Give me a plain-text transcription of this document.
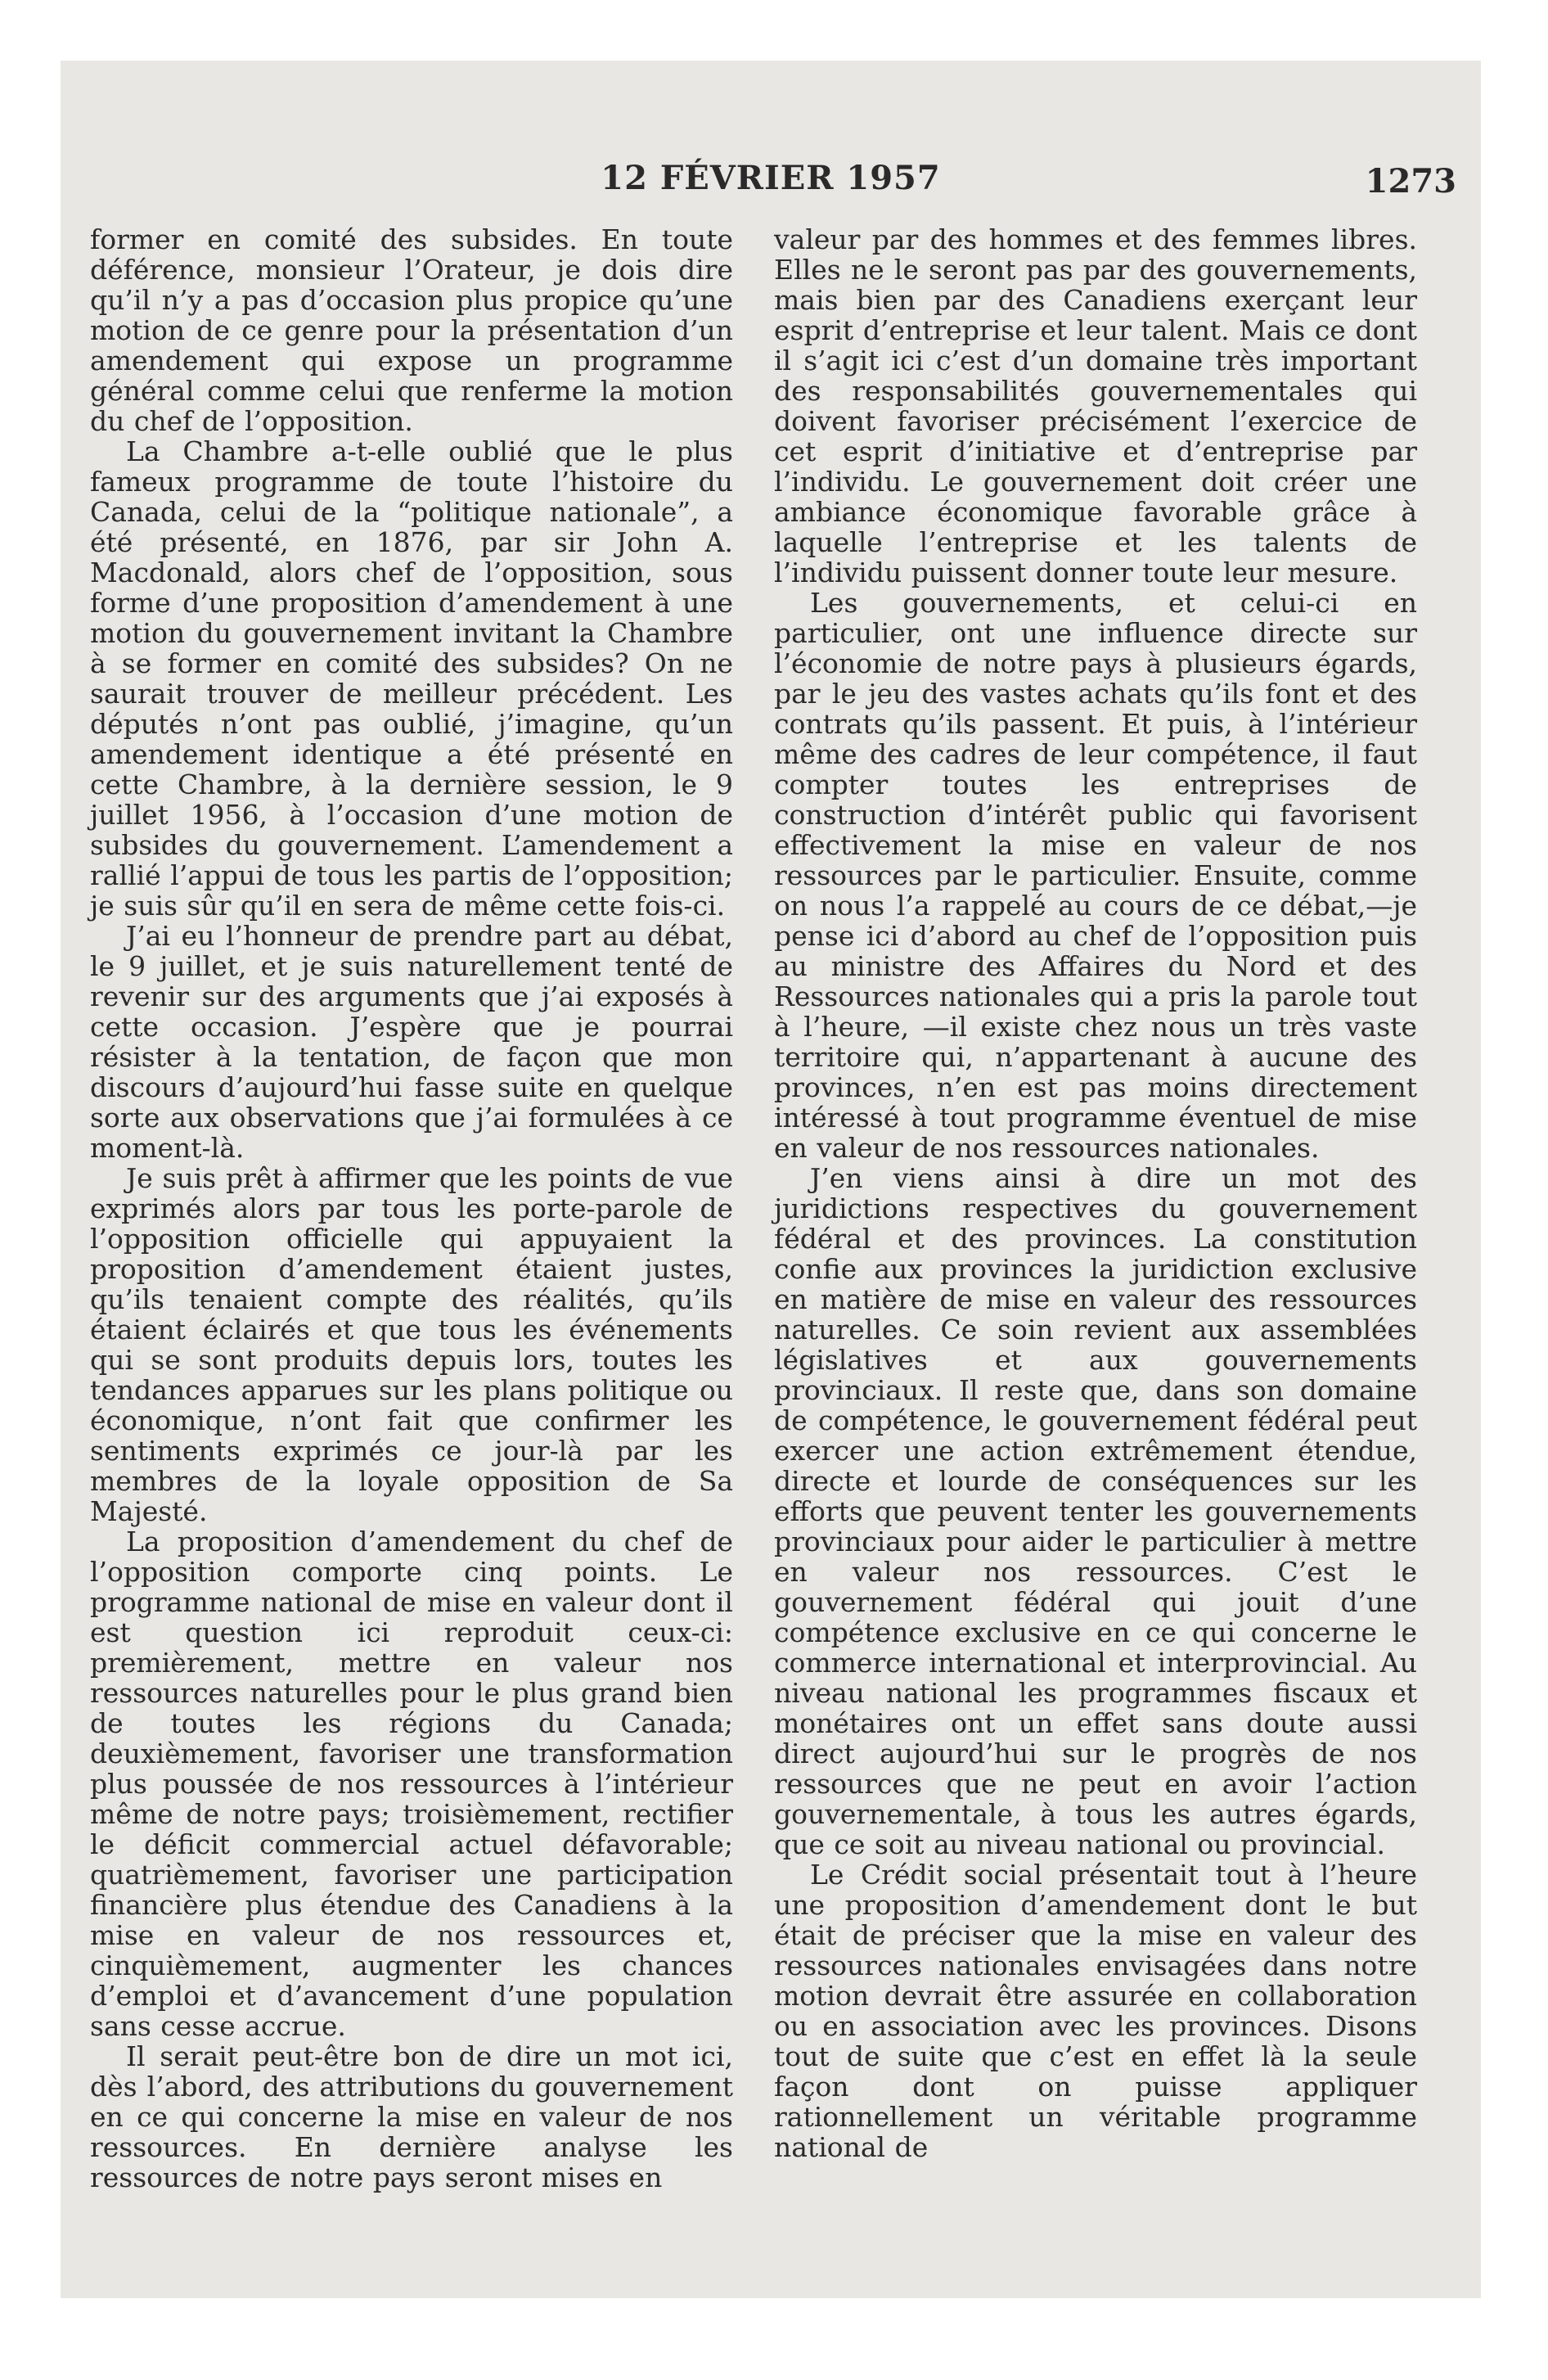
12 FÉVRIER 1957	1273

former en comité des subsides. En toute déférence, monsieur l’Orateur, je dois dire qu’il n’y a pas d’occasion plus propice qu’une motion de ce genre pour la présentation d’un amendement qui expose un programme général comme celui que renferme la motion du chef de l’opposition.

La Chambre a-t-elle oublié que le plus fameux programme de toute l’histoire du Canada, celui de la “politique nationale”, a été présenté, en 1876, par sir John A. Macdonald, alors chef de l’opposition, sous forme d’une proposition d’amendement à une motion du gouvernement invitant la Chambre à se former en comité des subsides? On ne saurait trouver de meilleur précédent. Les députés n’ont pas oublié, j’imagine, qu’un amendement identique a été présenté en cette Chambre, à la dernière session, le 9 juillet 1956, à l’occasion d’une motion de subsides du gouvernement. L’amendement a rallié l’appui de tous les partis de l’opposition; je suis sûr qu’il en sera de même cette fois-ci.

J’ai eu l’honneur de prendre part au débat, le 9 juillet, et je suis naturellement tenté de revenir sur des arguments que j’ai exposés à cette occasion. J’espère que je pourrai résister à la tentation, de façon que mon discours d’aujourd’hui fasse suite en quelque sorte aux observations que j’ai formulées à ce moment-là.

Je suis prêt à affirmer que les points de vue exprimés alors par tous les porte-parole de l’opposition officielle qui appuyaient la proposition d’amendement étaient justes, qu’ils tenaient compte des réalités, qu’ils étaient éclairés et que tous les événements qui se sont produits depuis lors, toutes les tendances apparues sur les plans politique ou économique, n’ont fait que confirmer les sentiments exprimés ce jour-là par les membres de la loyale opposition de Sa Majesté.

La proposition d’amendement du chef de l’opposition comporte cinq points. Le programme national de mise en valeur dont il est question ici reproduit ceux-ci: premièrement, mettre en valeur nos ressources naturelles pour le plus grand bien de toutes les régions du Canada; deuxièmement, favoriser une transformation plus poussée de nos ressources à l’intérieur même de notre pays; troisièmement, rectifier le déficit commercial actuel défavorable; quatrièmement, favoriser une participation financière plus étendue des Canadiens à la mise en valeur de nos ressources et, cinquièmement, augmenter les chances d’emploi et d’avancement d’une population sans cesse accrue.

Il serait peut-être bon de dire un mot ici, dès l’abord, des attributions du gouvernement en ce qui concerne la mise en valeur de nos ressources. En dernière analyse les ressources de notre pays seront mises en

valeur par des hommes et des femmes libres. Elles ne le seront pas par des gouvernements, mais bien par des Canadiens exerçant leur esprit d’entreprise et leur talent. Mais ce dont il s’agit ici c’est d’un domaine très important des responsabilités gouvernementales qui doivent favoriser précisément l’exercice de cet esprit d’initiative et d’entreprise par l’individu. Le gouvernement doit créer une ambiance économique favorable grâce à laquelle l’entreprise et les talents de l’individu puissent donner toute leur mesure.

Les gouvernements, et celui-ci en particulier, ont une influence directe sur l’économie de notre pays à plusieurs égards, par le jeu des vastes achats qu’ils font et des contrats qu’ils passent. Et puis, à l’intérieur même des cadres de leur compétence, il faut compter toutes les entreprises de construction d’intérêt public qui favorisent effectivement la mise en valeur de nos ressources par le particulier. Ensuite, comme on nous l’a rappelé au cours de ce débat,—je pense ici d’abord au chef de l’opposition puis au ministre des Affaires du Nord et des Ressources nationales qui a pris la parole tout à l’heure, —il existe chez nous un très vaste territoire qui, n’appartenant à aucune des provinces, n’en est pas moins directement intéressé à tout programme éventuel de mise en valeur de nos ressources nationales.

J’en viens ainsi à dire un mot des juridictions respectives du gouvernement fédéral et des provinces. La constitution confie aux provinces la juridiction exclusive en matière de mise en valeur des ressources naturelles. Ce soin revient aux assemblées législatives et aux gouvernements provinciaux. Il reste que, dans son domaine de compétence, le gouvernement fédéral peut exercer une action extrêmement étendue, directe et lourde de conséquences sur les efforts que peuvent tenter les gouvernements provinciaux pour aider le particulier à mettre en valeur nos ressources. C’est le gouvernement fédéral qui jouit d’une compétence exclusive en ce qui concerne le commerce international et interprovincial. Au niveau national les programmes fiscaux et monétaires ont un effet sans doute aussi direct aujourd’hui sur le progrès de nos ressources que ne peut en avoir l’action gouvernementale, à tous les autres égards, que ce soit au niveau national ou provincial.

Le Crédit social présentait tout à l’heure une proposition d’amendement dont le but était de préciser que la mise en valeur des ressources nationales envisagées dans notre motion devrait être assurée en collaboration ou en association avec les provinces. Disons tout de suite que c’est en effet là la seule façon dont on puisse appliquer rationnellement un véritable programme national de
